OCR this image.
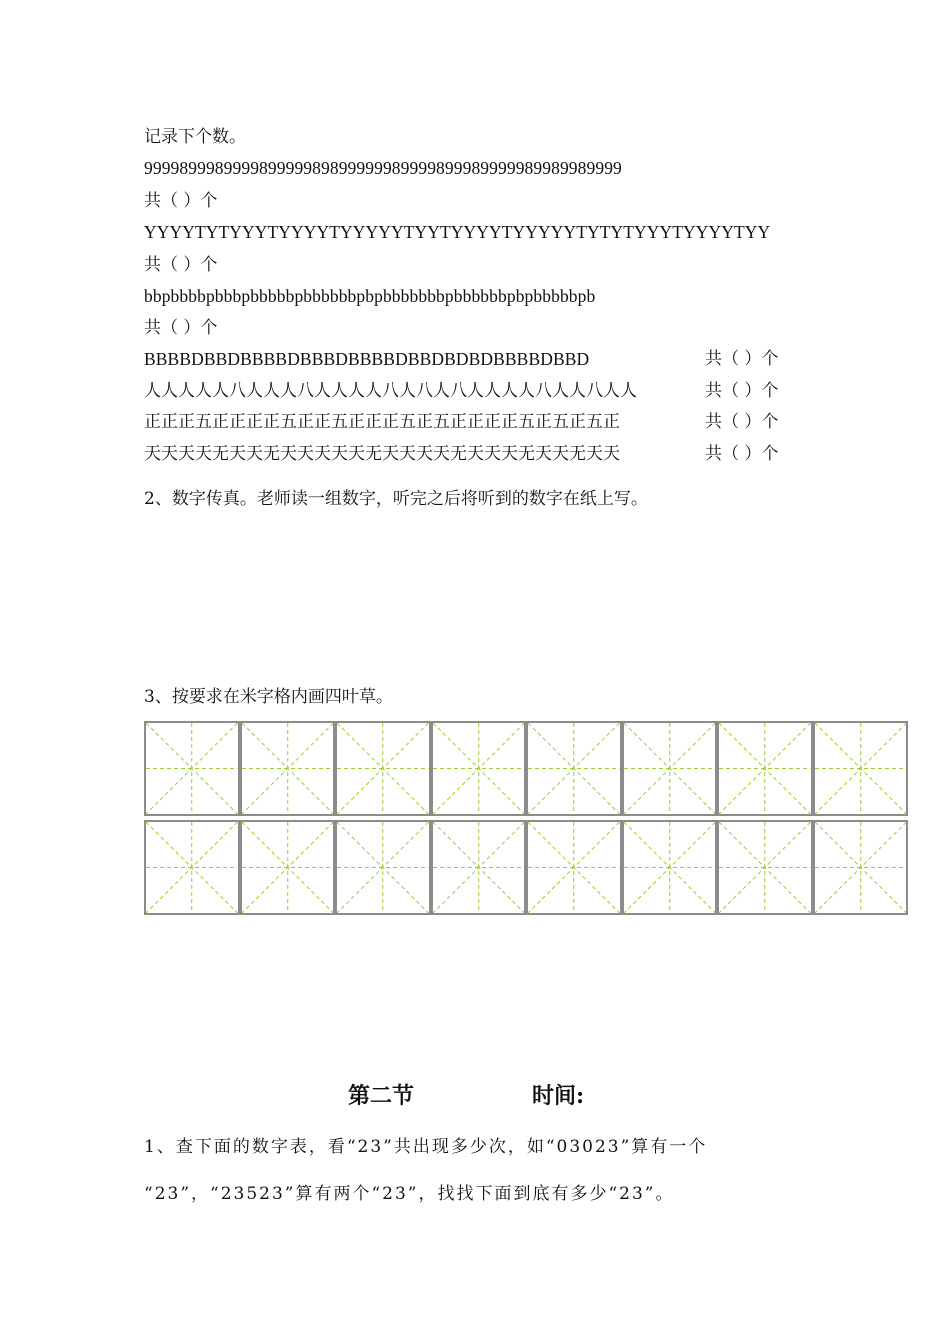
记录下个数。
999989998999989999989899999989999899989999989989989999
共（ ）个
YYYYTYTYYYTYYYYTYYYYYTYYTYYYYTYYYYYTYTYTYYYTYYYYTYY
共（ ）个
bbpbbbbpbbbpbbbbbpbbbbbbpbpbbbbbbbpbbbbbbpbpbbbbbpb
共（ ）个
BBBBDBBDBBBBDBBBDBBBBDBBDBDBDBBBBDBBD	共（ ）个
人人人人人八人人人八人人人人八人八人八人人人人八人人八人人	共（ ）个
正正正五正正正正五正正五正正正五正五正正正正五正五正五正	共（ ）个
天天天天无天天无天天天天天无天天天天无天天天无天天无天天	共（ ）个
2、数字传真。老师读一组数字，听完之后将听到的数字在纸上写。
3、按要求在米字格内画四叶草。
第二节	时间:
1、查下面的数字表，看“23”共出现多少次，如“03023”算有一个
“23”，“23523”算有两个“23”，找找下面到底有多少“23”。
